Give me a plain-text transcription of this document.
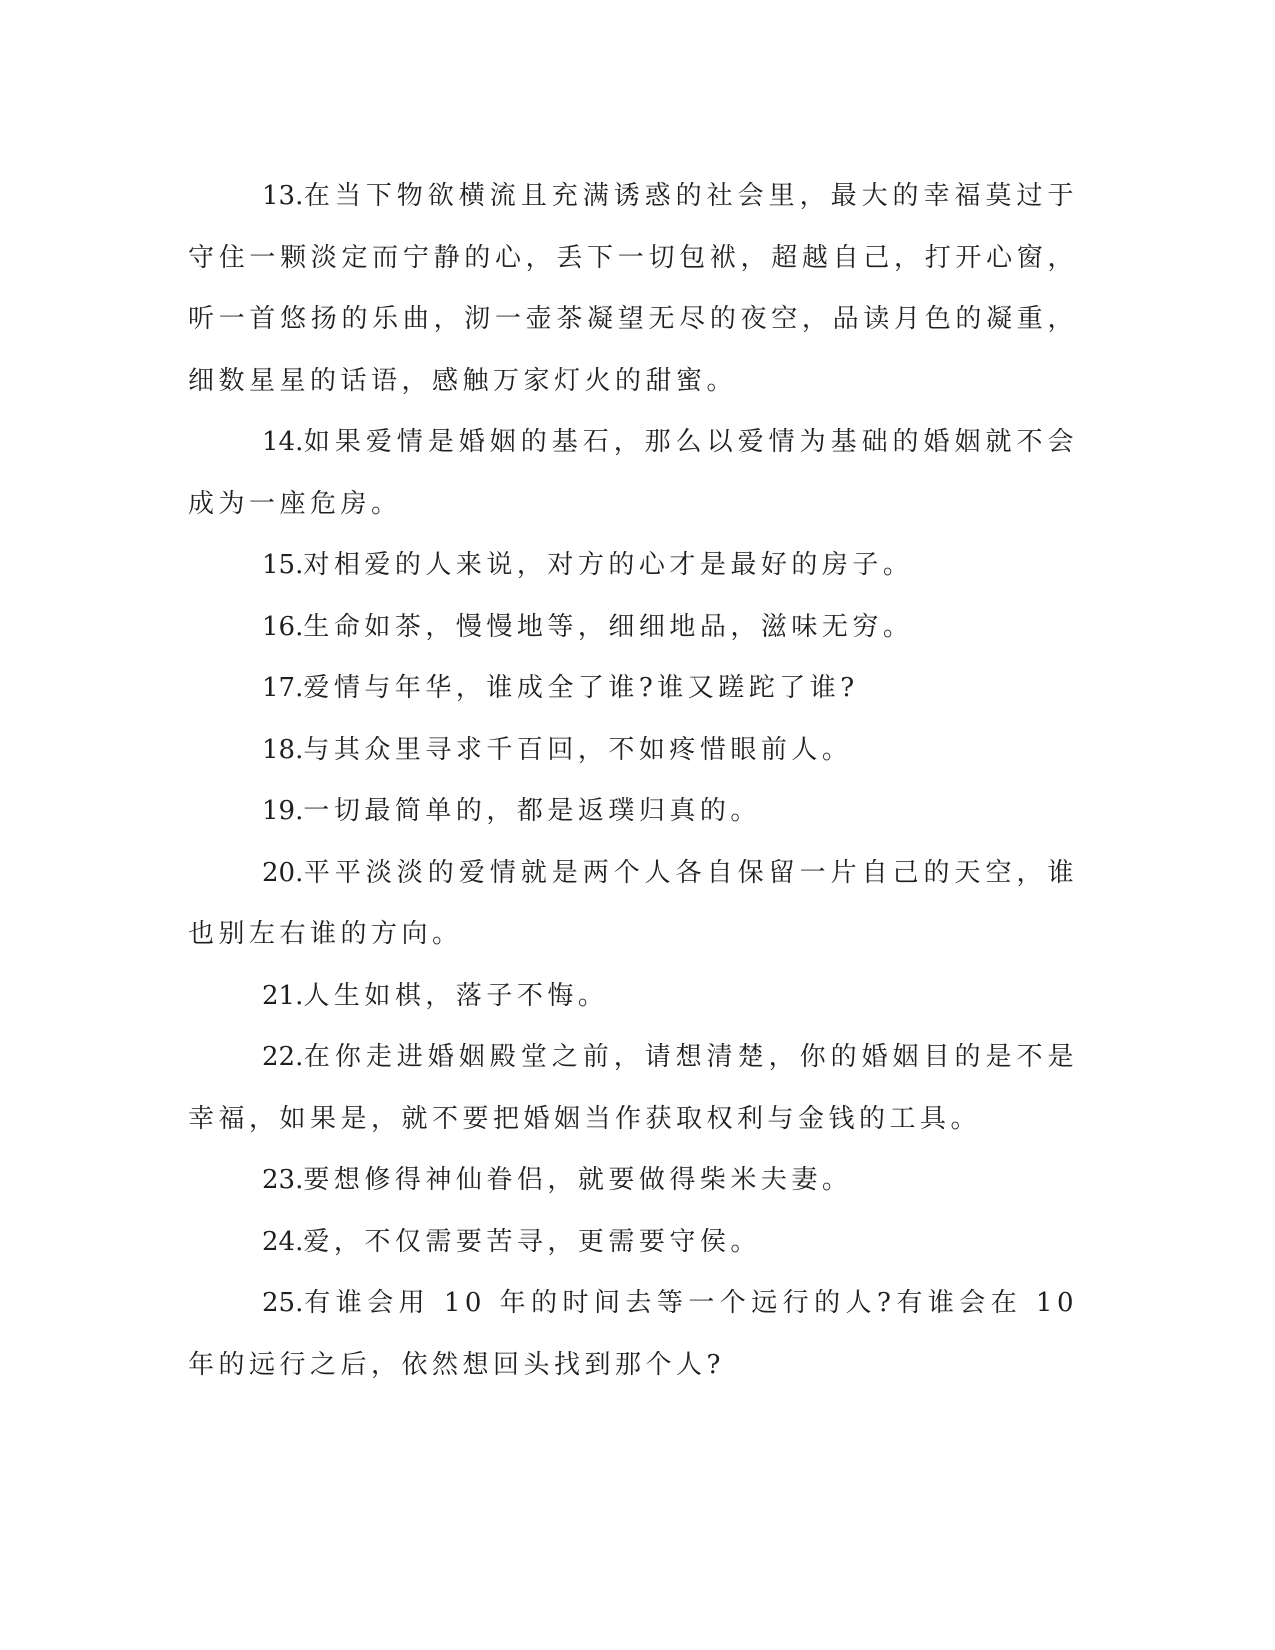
13.在当下物欲横流且充满诱惑的社会里，最大的幸福莫过于守住一颗淡定而宁静的心，丢下一切包袱，超越自己，打开心窗，听一首悠扬的乐曲，沏一壶茶凝望无尽的夜空，品读月色的凝重，细数星星的话语，感触万家灯火的甜蜜。

14.如果爱情是婚姻的基石，那么以爱情为基础的婚姻就不会成为一座危房。

15.对相爱的人来说，对方的心才是最好的房子。

16.生命如茶，慢慢地等，细细地品，滋味无穷。

17.爱情与年华，谁成全了谁?谁又蹉跎了谁?

18.与其众里寻求千百回，不如疼惜眼前人。

19.一切最简单的，都是返璞归真的。

20.平平淡淡的爱情就是两个人各自保留一片自己的天空，谁也别左右谁的方向。

21.人生如棋，落子不悔。

22.在你走进婚姻殿堂之前，请想清楚，你的婚姻目的是不是幸福，如果是，就不要把婚姻当作获取权利与金钱的工具。

23.要想修得神仙眷侣，就要做得柴米夫妻。

24.爱，不仅需要苦寻，更需要守侯。

25.有谁会用 10 年的时间去等一个远行的人?有谁会在 10 年的远行之后，依然想回头找到那个人?
